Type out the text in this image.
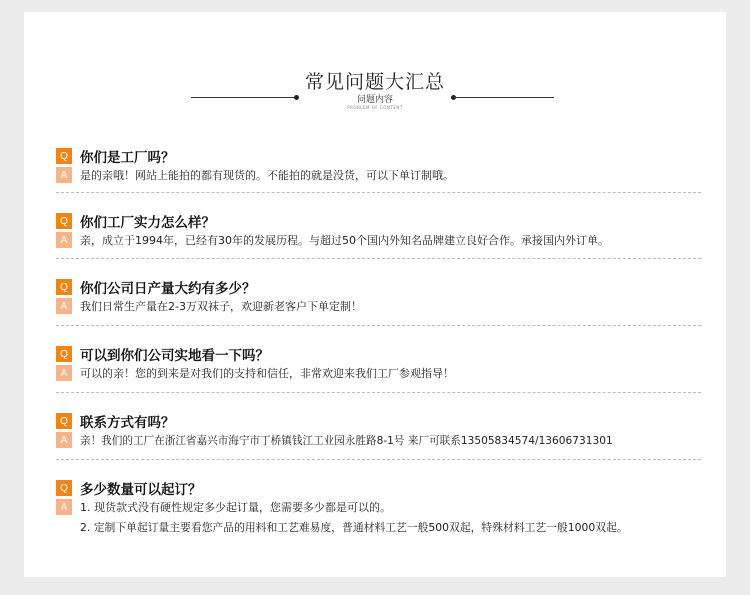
常见问题大汇总
问题内容
PROBLEM OF CONTENT
Q 你们是工厂吗？
A	是的亲哦！网站上能拍的都有现货的。不能拍的就是没货，可以下单订制哦。
Q 你们工厂实力怎么样？
A	亲，成立于1994年，已经有30年的发展历程。与超过50个国内外知名品牌建立良好合作。承接国内外订单。
Q 你们公司日产量大约有多少？
A	我们日常生产量在2-3万双袜子，欢迎新老客户下单定制！
Q 可以到你们公司实地看一下吗？
A	可以的亲！您的到来是对我们的支持和信任，非常欢迎来我们工厂参观指导！
Q 联系方式有吗？
A	亲！我们的工厂在浙江省嘉兴市海宁市丁桥镇钱江工业园永胜路8-1号 来厂可联系13505834574/13606731301
Q 多少数量可以起订？
A	1. 现货款式没有硬性规定多少起订量，您需要多少都是可以的。
2. 定制下单起订量主要看您产品的用料和工艺难易度，普通材料工艺一般500双起，特殊材料工艺一般1000双起。
